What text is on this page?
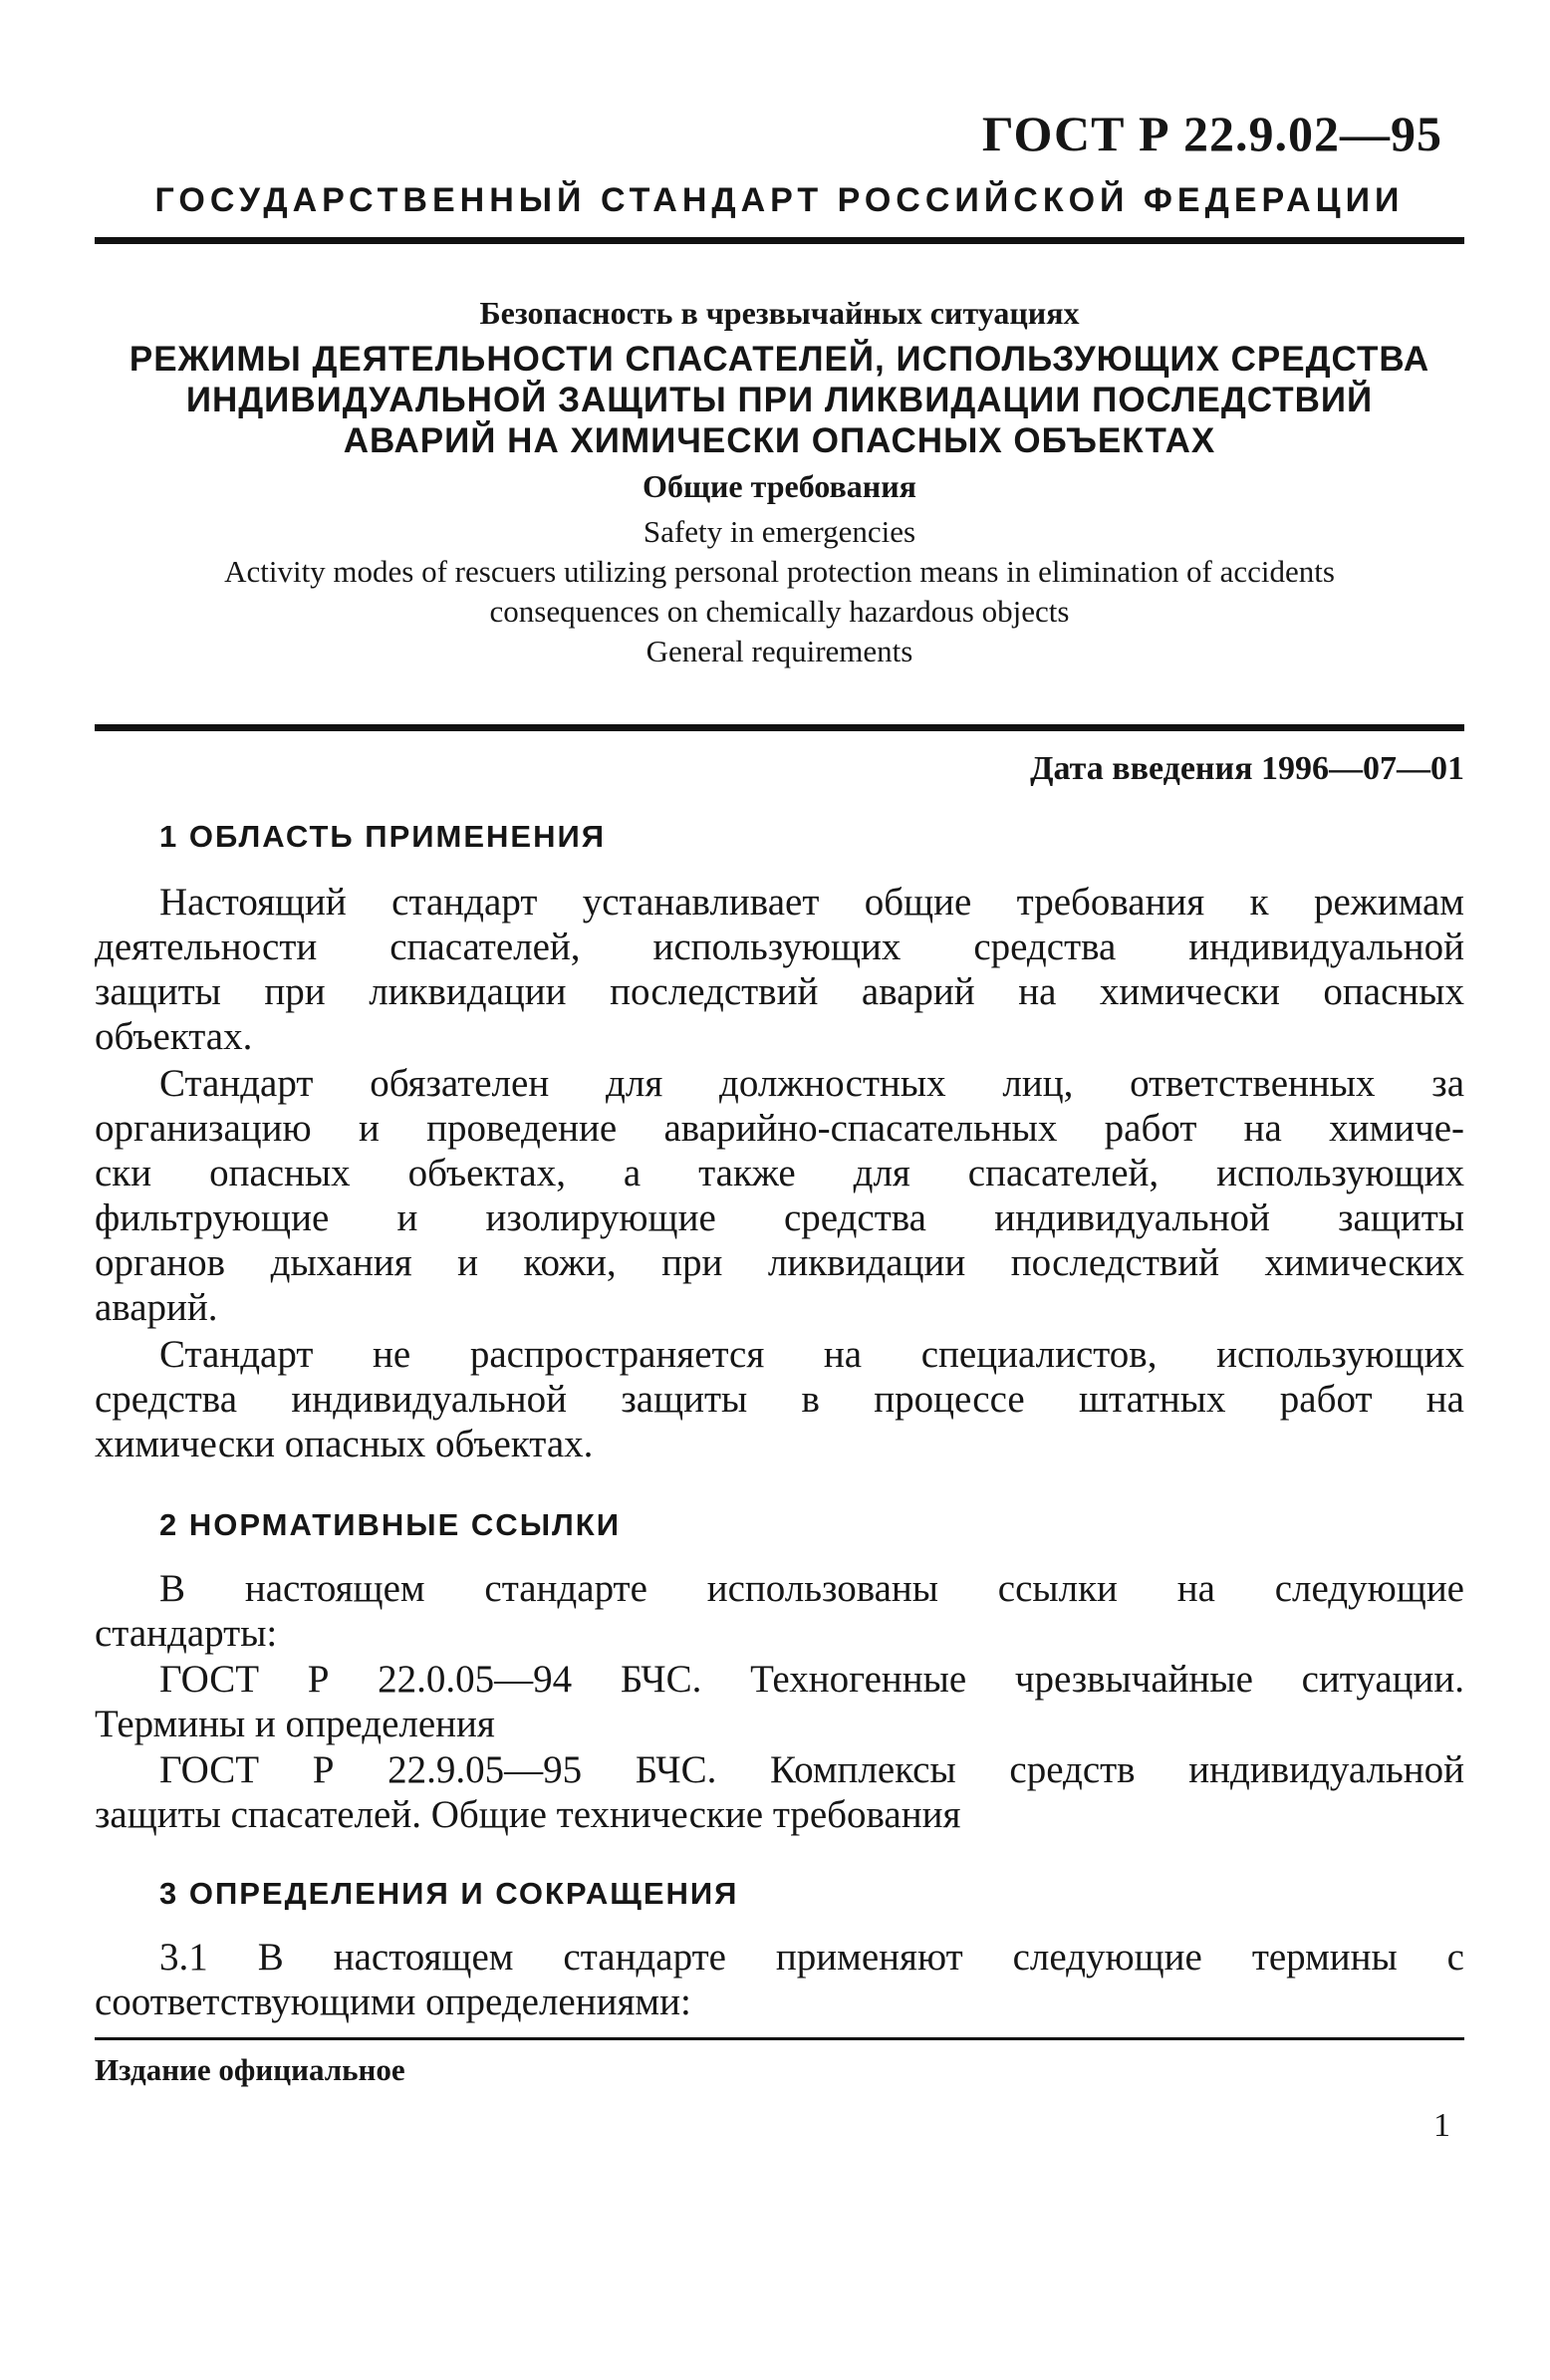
ГОСТ Р 22.9.02—95
ГОСУДАРСТВЕННЫЙ СТАНДАРТ РОССИЙСКОЙ ФЕДЕРАЦИИ
Безопасность в чрезвычайных ситуациях
РЕЖИМЫ ДЕЯТЕЛЬНОСТИ СПАСАТЕЛЕЙ, ИСПОЛЬЗУЮЩИХ СРЕДСТВА
ИНДИВИДУАЛЬНОЙ ЗАЩИТЫ ПРИ ЛИКВИДАЦИИ ПОСЛЕДСТВИЙ
АВАРИЙ НА ХИМИЧЕСКИ ОПАСНЫХ ОБЪЕКТАХ
Общие требования
Safety in emergencies
Activity modes of rescuers utilizing personal protection means in elimination of accidents
consequences on chemically hazardous objects
General requirements
Дата введения 1996—07—01
1 ОБЛАСТЬ ПРИМЕНЕНИЯ
Настоящий стандарт устанавливает общие требования к режимам
деятельности спасателей, использующих средства индивидуальной
защиты при ликвидации последствий аварий на химически опасных
объектах.
Стандарт обязателен для должностных лиц, ответственных за
организацию и проведение аварийно-спасательных работ на химиче-
ски опасных объектах, а также для спасателей, использующих
фильтрующие и изолирующие средства индивидуальной защиты
органов дыхания и кожи, при ликвидации последствий химических
аварий.
Стандарт не распространяется на специалистов, использующих
средства индивидуальной защиты в процессе штатных работ на
химически опасных объектах.
2 НОРМАТИВНЫЕ ССЫЛКИ
В настоящем стандарте использованы ссылки на следующие
стандарты:
ГОСТ Р 22.0.05—94 БЧС. Техногенные чрезвычайные ситуации.
Термины и определения
ГОСТ Р 22.9.05—95 БЧС. Комплексы средств индивидуальной
защиты спасателей. Общие технические требования
3 ОПРЕДЕЛЕНИЯ И СОКРАЩЕНИЯ
3.1 В настоящем стандарте применяют следующие термины с
соответствующими определениями:
Издание официальное
1
